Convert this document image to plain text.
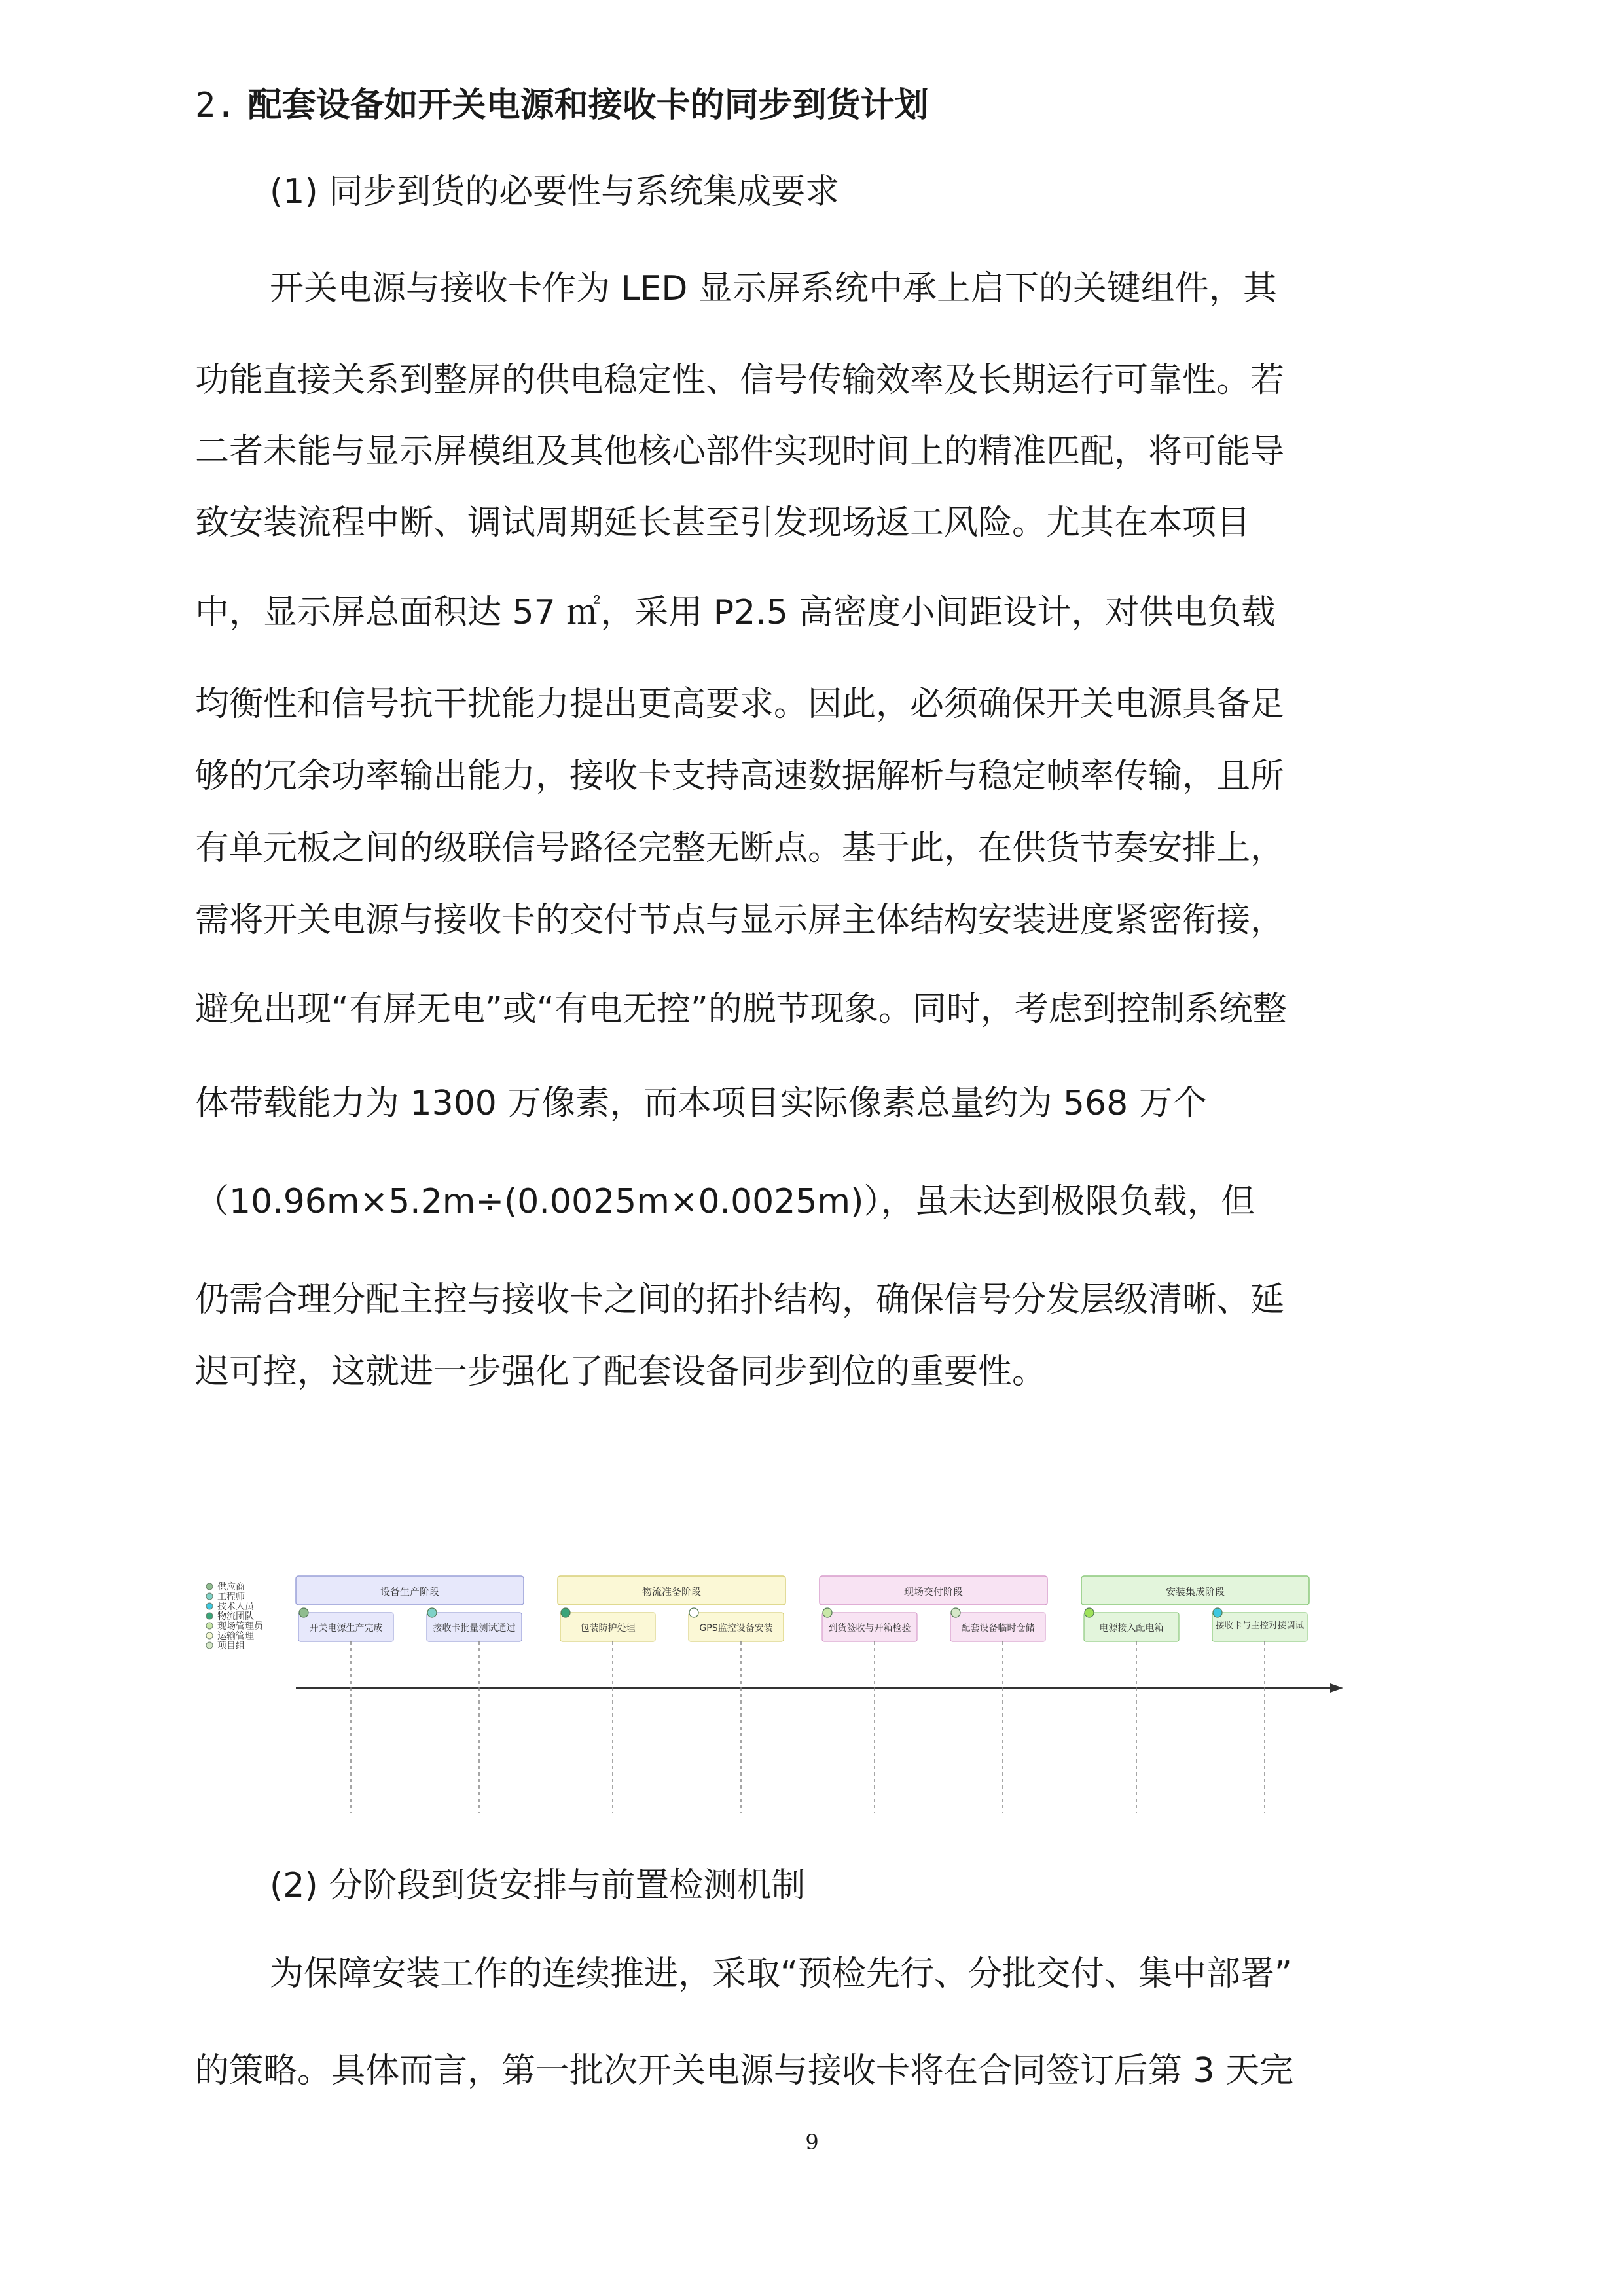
2. 配套设备如开关电源和接收卡的同步到货计划
(1) 同步到货的必要性与系统集成要求
开关电源与接收卡作为 LED 显示屏系统中承上启下的关键组件，其
功能直接关系到整屏的供电稳定性、信号传输效率及长期运行可靠性。若
二者未能与显示屏模组及其他核心部件实现时间上的精准匹配，将可能导
致安装流程中断、调试周期延长甚至引发现场返工风险。尤其在本项目
中，显示屏总面积达 57 ㎡，采用 P2.5 高密度小间距设计，对供电负载
均衡性和信号抗干扰能力提出更高要求。因此，必须确保开关电源具备足
够的冗余功率输出能力，接收卡支持高速数据解析与稳定帧率传输，且所
有单元板之间的级联信号路径完整无断点。基于此，在供货节奏安排上，
需将开关电源与接收卡的交付节点与显示屏主体结构安装进度紧密衔接，
避免出现“有屏无电”或“有电无控”的脱节现象。同时，考虑到控制系统整
体带载能力为 1300 万像素，而本项目实际像素总量约为 568 万个
（10.96m×5.2m÷(0.0025m×0.0025m)），虽未达到极限负载，但
仍需合理分配主控与接收卡之间的拓扑结构，确保信号分发层级清晰、延
迟可控，这就进一步强化了配套设备同步到位的重要性。
供应商
工程师
技术人员
物流团队
现场管理员
运输管理
项目组
设备生产阶段
开关电源生产完成	接收卡批量测试通过
物流准备阶段
包装防护处理	GPS监控设备安装
现场交付阶段
到货签收与开箱检验	配套设备临时仓储
安装集成阶段
电源接入配电箱	接收卡与主控对接调试
(2) 分阶段到货安排与前置检测机制
为保障安装工作的连续推进，采取“预检先行、分批交付、集中部署”
的策略。具体而言，第一批次开关电源与接收卡将在合同签订后第 3 天完
9
